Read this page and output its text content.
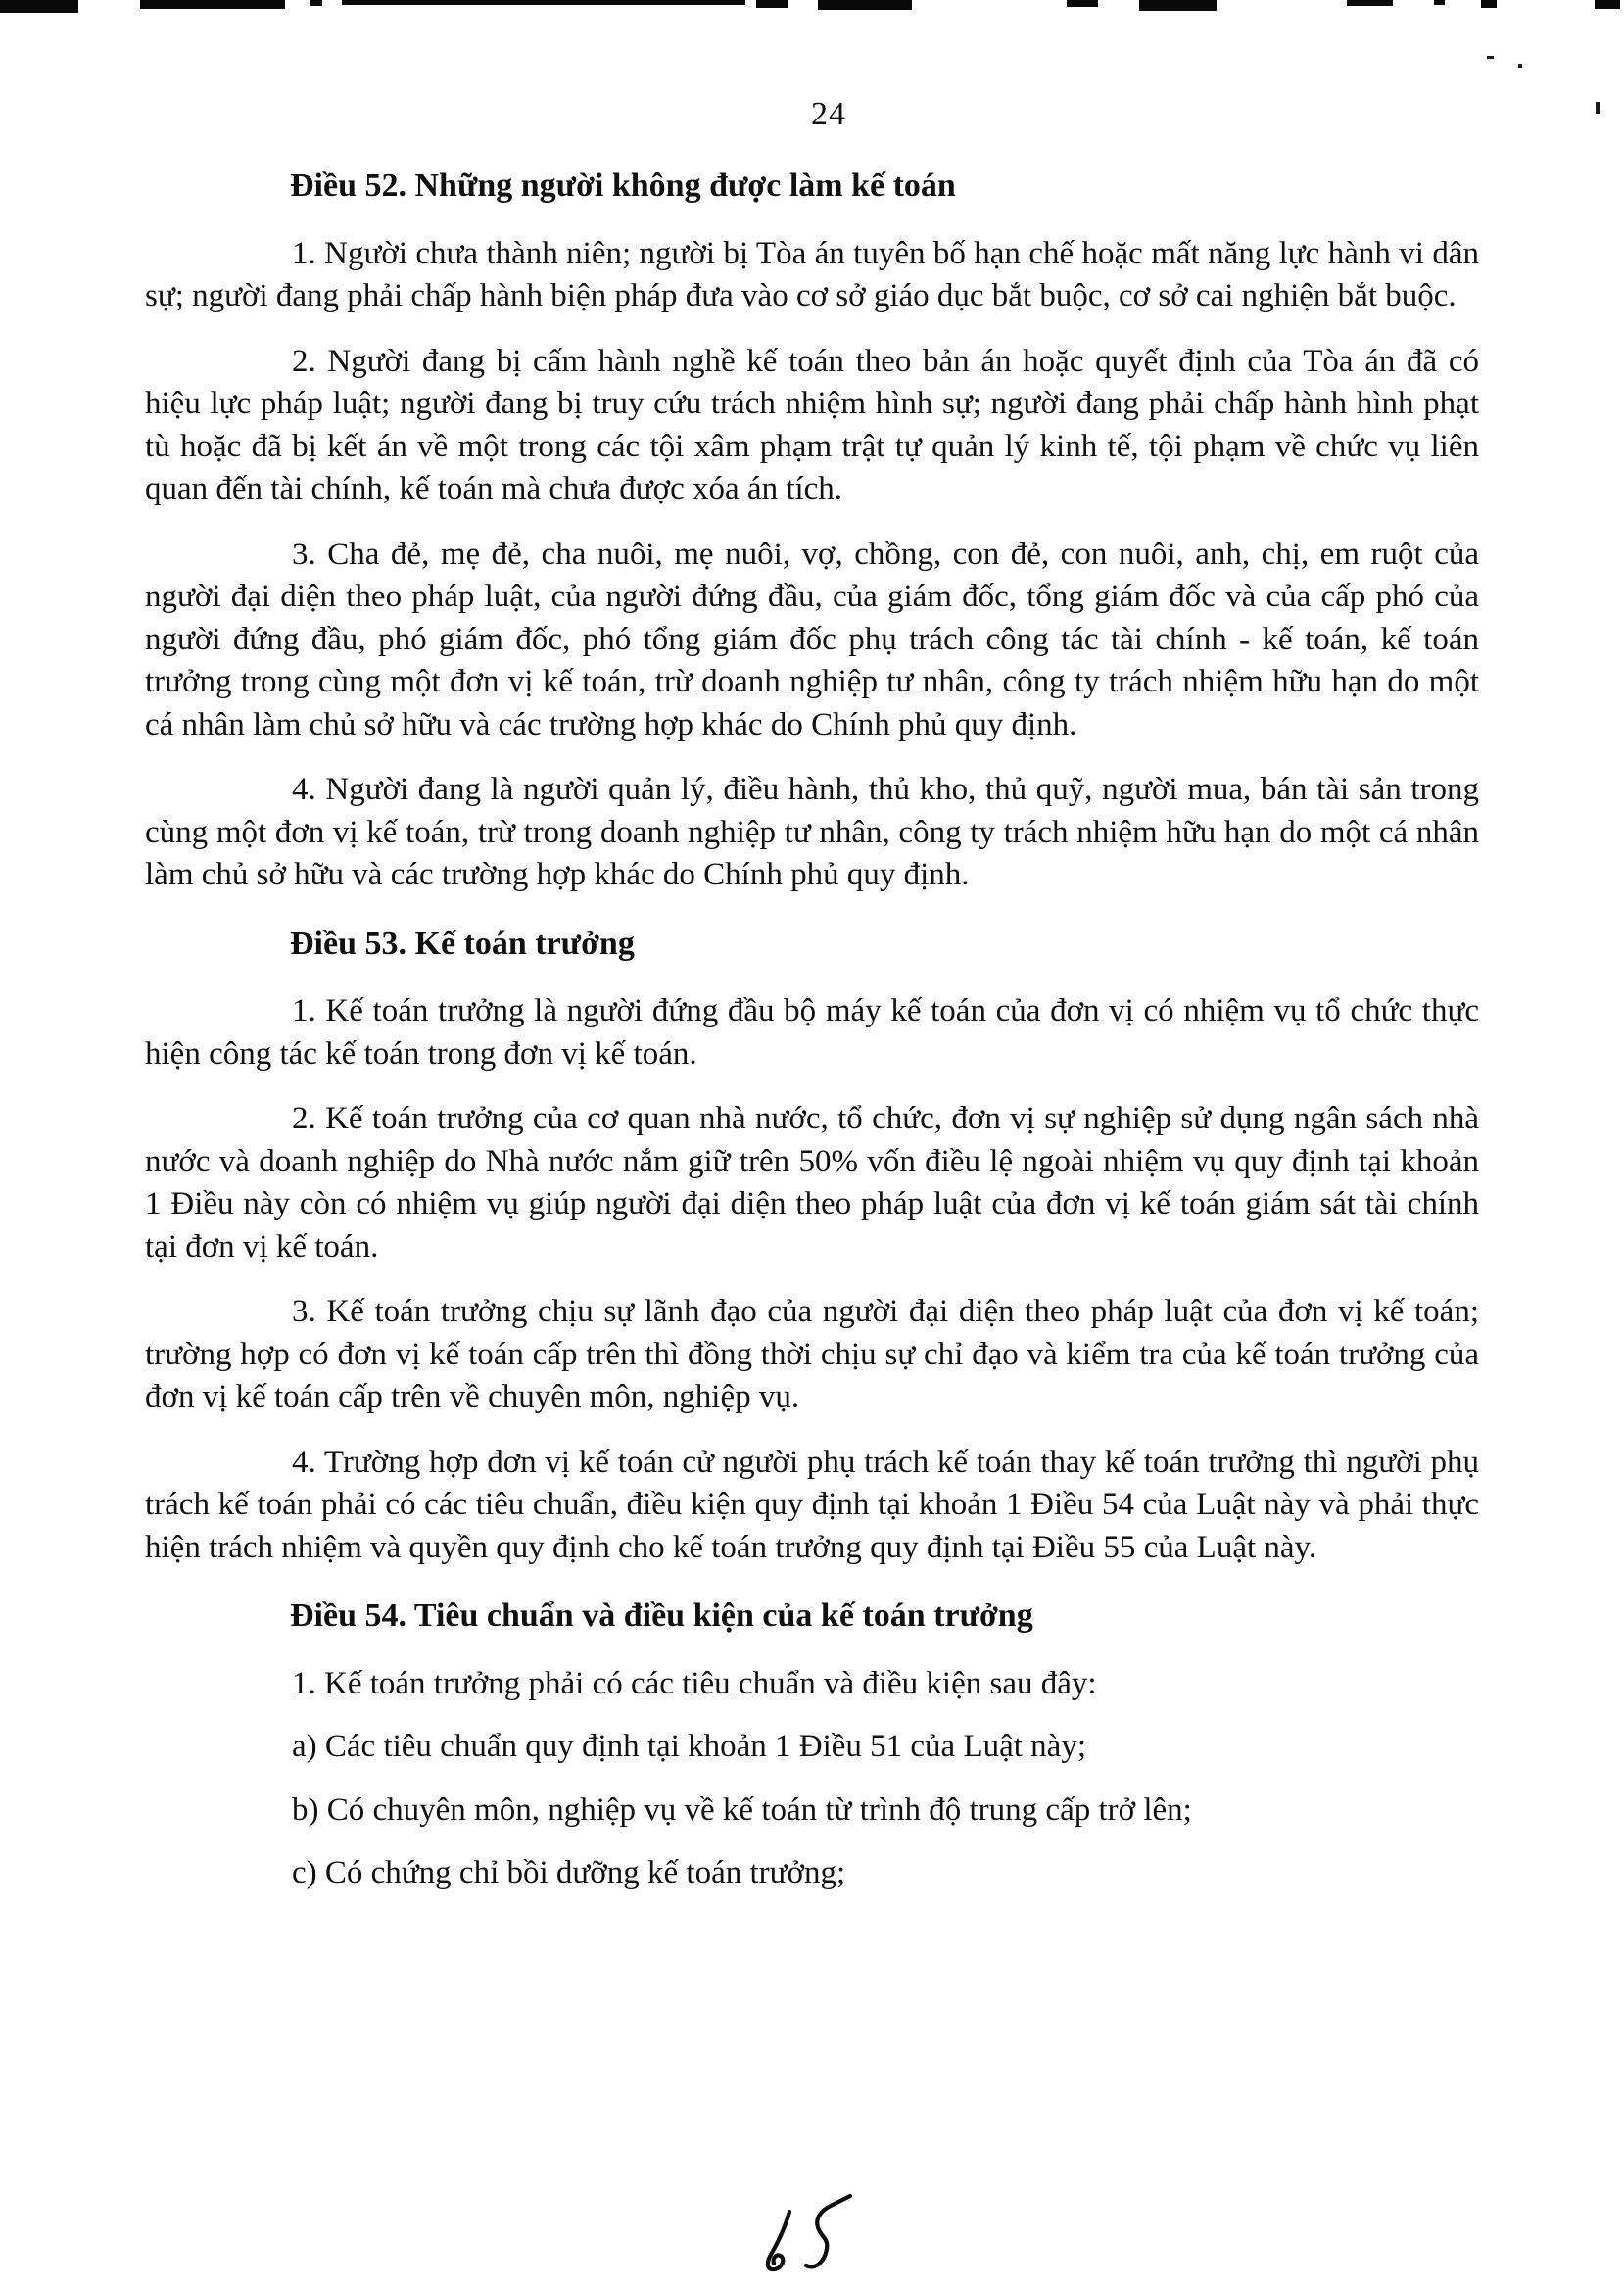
24
Điều 52. Những người không được làm kế toán

1. Người chưa thành niên; người bị Tòa án tuyên bố hạn chế hoặc mất năng lực hành vi dân sự; người đang phải chấp hành biện pháp đưa vào cơ sở giáo dục bắt buộc, cơ sở cai nghiện bắt buộc.

2. Người đang bị cấm hành nghề kế toán theo bản án hoặc quyết định của Tòa án đã có hiệu lực pháp luật; người đang bị truy cứu trách nhiệm hình sự; người đang phải chấp hành hình phạt tù hoặc đã bị kết án về một trong các tội xâm phạm trật tự quản lý kinh tế, tội phạm về chức vụ liên quan đến tài chính, kế toán mà chưa được xóa án tích.

3. Cha đẻ, mẹ đẻ, cha nuôi, mẹ nuôi, vợ, chồng, con đẻ, con nuôi, anh, chị, em ruột của người đại diện theo pháp luật, của người đứng đầu, của giám đốc, tổng giám đốc và của cấp phó của người đứng đầu, phó giám đốc, phó tổng giám đốc phụ trách công tác tài chính - kế toán, kế toán trưởng trong cùng một đơn vị kế toán, trừ doanh nghiệp tư nhân, công ty trách nhiệm hữu hạn do một cá nhân làm chủ sở hữu và các trường hợp khác do Chính phủ quy định.

4. Người đang là người quản lý, điều hành, thủ kho, thủ quỹ, người mua, bán tài sản trong cùng một đơn vị kế toán, trừ trong doanh nghiệp tư nhân, công ty trách nhiệm hữu hạn do một cá nhân làm chủ sở hữu và các trường hợp khác do Chính phủ quy định.

Điều 53. Kế toán trưởng

1. Kế toán trưởng là người đứng đầu bộ máy kế toán của đơn vị có nhiệm vụ tổ chức thực hiện công tác kế toán trong đơn vị kế toán.

2. Kế toán trưởng của cơ quan nhà nước, tổ chức, đơn vị sự nghiệp sử dụng ngân sách nhà nước và doanh nghiệp do Nhà nước nắm giữ trên 50% vốn điều lệ ngoài nhiệm vụ quy định tại khoản 1 Điều này còn có nhiệm vụ giúp người đại diện theo pháp luật của đơn vị kế toán giám sát tài chính tại đơn vị kế toán.

3. Kế toán trưởng chịu sự lãnh đạo của người đại diện theo pháp luật của đơn vị kế toán; trường hợp có đơn vị kế toán cấp trên thì đồng thời chịu sự chỉ đạo và kiểm tra của kế toán trưởng của đơn vị kế toán cấp trên về chuyên môn, nghiệp vụ.

4. Trường hợp đơn vị kế toán cử người phụ trách kế toán thay kế toán trưởng thì người phụ trách kế toán phải có các tiêu chuẩn, điều kiện quy định tại khoản 1 Điều 54 của Luật này và phải thực hiện trách nhiệm và quyền quy định cho kế toán trưởng quy định tại Điều 55 của Luật này.

Điều 54. Tiêu chuẩn và điều kiện của kế toán trưởng

1. Kế toán trưởng phải có các tiêu chuẩn và điều kiện sau đây:

a) Các tiêu chuẩn quy định tại khoản 1 Điều 51 của Luật này;

b) Có chuyên môn, nghiệp vụ về kế toán từ trình độ trung cấp trở lên;

c) Có chứng chỉ bồi dưỡng kế toán trưởng;
